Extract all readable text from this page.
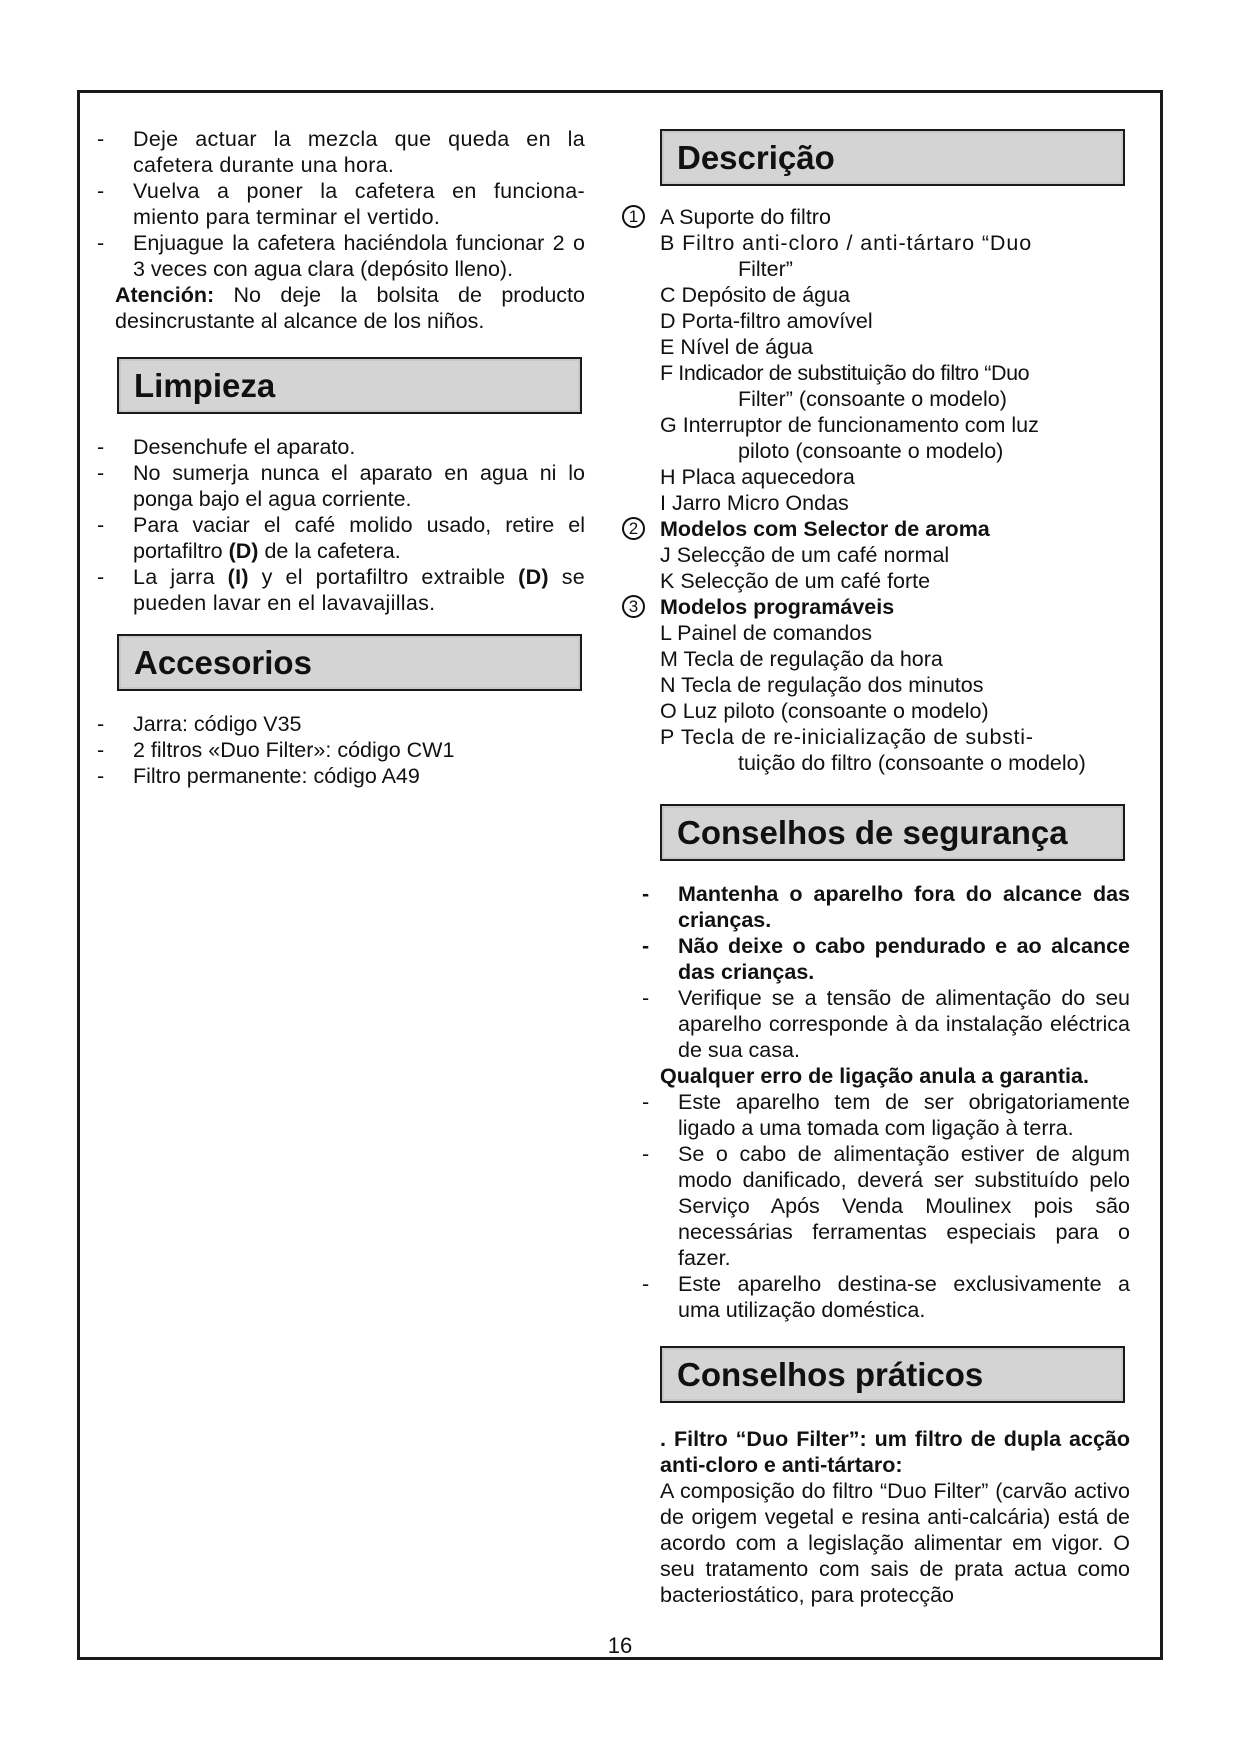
- Deje actuar la mezcla que queda en la cafetera durante una hora.

- Vuelva a poner la cafetera en funciona-miento para terminar el vertido.

- Enjuague la cafetera haciéndola funcionar 2 o 3 veces con agua clara (depósito lleno).

Atención: No deje la bolsita de producto desincrustante al alcance de los niños.

Limpieza

- Desenchufe el aparato.

- No sumerja nunca el aparato en agua ni lo ponga bajo el agua corriente.

- Para vaciar el café molido usado, retire el portafiltro (D) de la cafetera.

- La jarra (I) y el portafiltro extraible (D) se pueden lavar en el lavavajillas.

Accesorios

- Jarra: código V35

- 2 filtros «Duo Filter»: código CW1

- Filtro permanente: código A49

Descrição
1	A Suporte do filtro
B Filtro anti-cloro / anti-tártaro “Duo
Filter”
C Depósito de água
D Porta-filtro amovível
E Nível de água
F Indicador de substituição do filtro “Duo
Filter” (consoante o modelo)
G Interruptor de funcionamento com luz
piloto (consoante o modelo)
H Placa aquecedora
I Jarro Micro Ondas
2	Modelos com Selector de aroma
J Selecção de um café normal
K Selecção de um café forte
3	Modelos programáveis
L Painel de comandos
M Tecla de regulação da hora
N Tecla de regulação dos minutos
O Luz piloto (consoante o modelo)
P Tecla de re-inicialização de substi-
tuição do filtro (consoante o modelo)
Conselhos de segurança

- Mantenha o aparelho fora do alcance das crianças.

- Não deixe o cabo pendurado e ao alcance das crianças.

- Verifique se a tensão de alimentação do seu aparelho corresponde à da instalação eléctrica de sua casa.

Qualquer erro de ligação anula a garantia.

- Este aparelho tem de ser obrigatoriamente ligado a uma tomada com ligação à terra.

- Se o cabo de alimentação estiver de algum modo danificado, deverá ser substituído pelo Serviço Após Venda Moulinex pois são necessárias ferramentas especiais para o fazer.

- Este aparelho destina-se exclusivamente a uma utilização doméstica.

Conselhos práticos

. Filtro “Duo Filter”: um filtro de dupla acção anti-cloro e anti-tártaro:

A composição do filtro “Duo Filter” (carvão activo de origem vegetal e resina anti-calcária) está de acordo com a legislação alimentar em vigor. O seu tratamento com sais de prata actua como bacteriostático, para protecção

16
